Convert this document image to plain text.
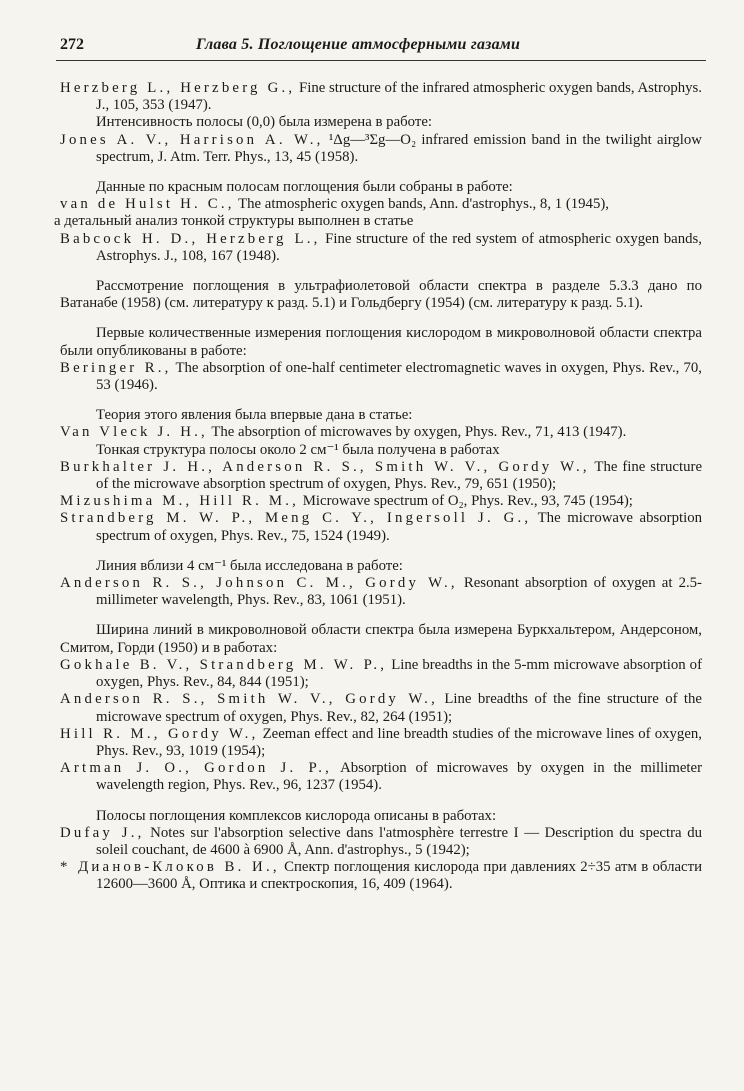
272	Глава 5. Поглощение атмосферными газами

Herzberg L., Herzberg G., Fine structure of the infrared atmospheric oxygen bands, Astrophys. J., 105, 353 (1947).

Интенсивность полосы (0,0) была измерена в работе:

Jones A. V., Harrison A. W., ¹Δg—³Σg—O₂ infrared emission band in the twilight airglow spectrum, J. Atm. Terr. Phys., 13, 45 (1958).

Данные по красным полосам поглощения были собраны в работе:

van de Hulst H. C., The atmospheric oxygen bands, Ann. d'astrophys., 8, 1 (1945),

а детальный анализ тонкой структуры выполнен в статье

Babcock H. D., Herzberg L., Fine structure of the red system of atmospheric oxygen bands, Astrophys. J., 108, 167 (1948).

Рассмотрение поглощения в ультрафиолетовой области спектра в разделе 5.3.3 дано по Ватанабе (1958) (см. литературу к разд. 5.1) и Гольдбергу (1954) (см. литературу к разд. 5.1).

Первые количественные измерения поглощения кислородом в микроволновой области спектра были опубликованы в работе:

Beringer R., The absorption of one-half centimeter electromagnetic waves in oxygen, Phys. Rev., 70, 53 (1946).

Теория этого явления была впервые дана в статье:

Van Vleck J. H., The absorption of microwaves by oxygen, Phys. Rev., 71, 413 (1947).

Тонкая структура полосы около 2 см⁻¹ была получена в работах

Burkhalter J. H., Anderson R. S., Smith W. V., Gordy W., The fine structure of the microwave absorption spectrum of oxygen, Phys. Rev., 79, 651 (1950);

Mizushima M., Hill R. M., Microwave spectrum of O₂, Phys. Rev., 93, 745 (1954);

Strandberg M. W. P., Meng C. Y., Ingersoll J. G., The microwave absorption spectrum of oxygen, Phys. Rev., 75, 1524 (1949).

Линия вблизи 4 см⁻¹ была исследована в работе:

Anderson R. S., Johnson C. M., Gordy W., Resonant absorption of oxygen at 2.5-millimeter wavelength, Phys. Rev., 83, 1061 (1951).

Ширина линий в микроволновой области спектра была измерена Буркхальтером, Андерсоном, Смитом, Горди (1950) и в работах:

Gokhale B. V., Strandberg M. W. P., Line breadths in the 5-mm microwave absorption of oxygen, Phys. Rev., 84, 844 (1951);

Anderson R. S., Smith W. V., Gordy W., Line breadths of the fine structure of the microwave spectrum of oxygen, Phys. Rev., 82, 264 (1951);

Hill R. M., Gordy W., Zeeman effect and line breadth studies of the microwave lines of oxygen, Phys. Rev., 93, 1019 (1954);

Artman J. O., Gordon J. P., Absorption of microwaves by oxygen in the millimeter wavelength region, Phys. Rev., 96, 1237 (1954).

Полосы поглощения комплексов кислорода описаны в работах:

Dufay J., Notes sur l'absorption selective dans l'atmosphère terrestre I — Description du spectra du soleil couchant, de 4600 à 6900 Å, Ann. d'astrophys., 5 (1942);

* Дианов-Клоков В. И., Спектр поглощения кислорода при давлениях 2÷35 атм в области 12600—3600 Å, Оптика и спектроскопия, 16, 409 (1964).
